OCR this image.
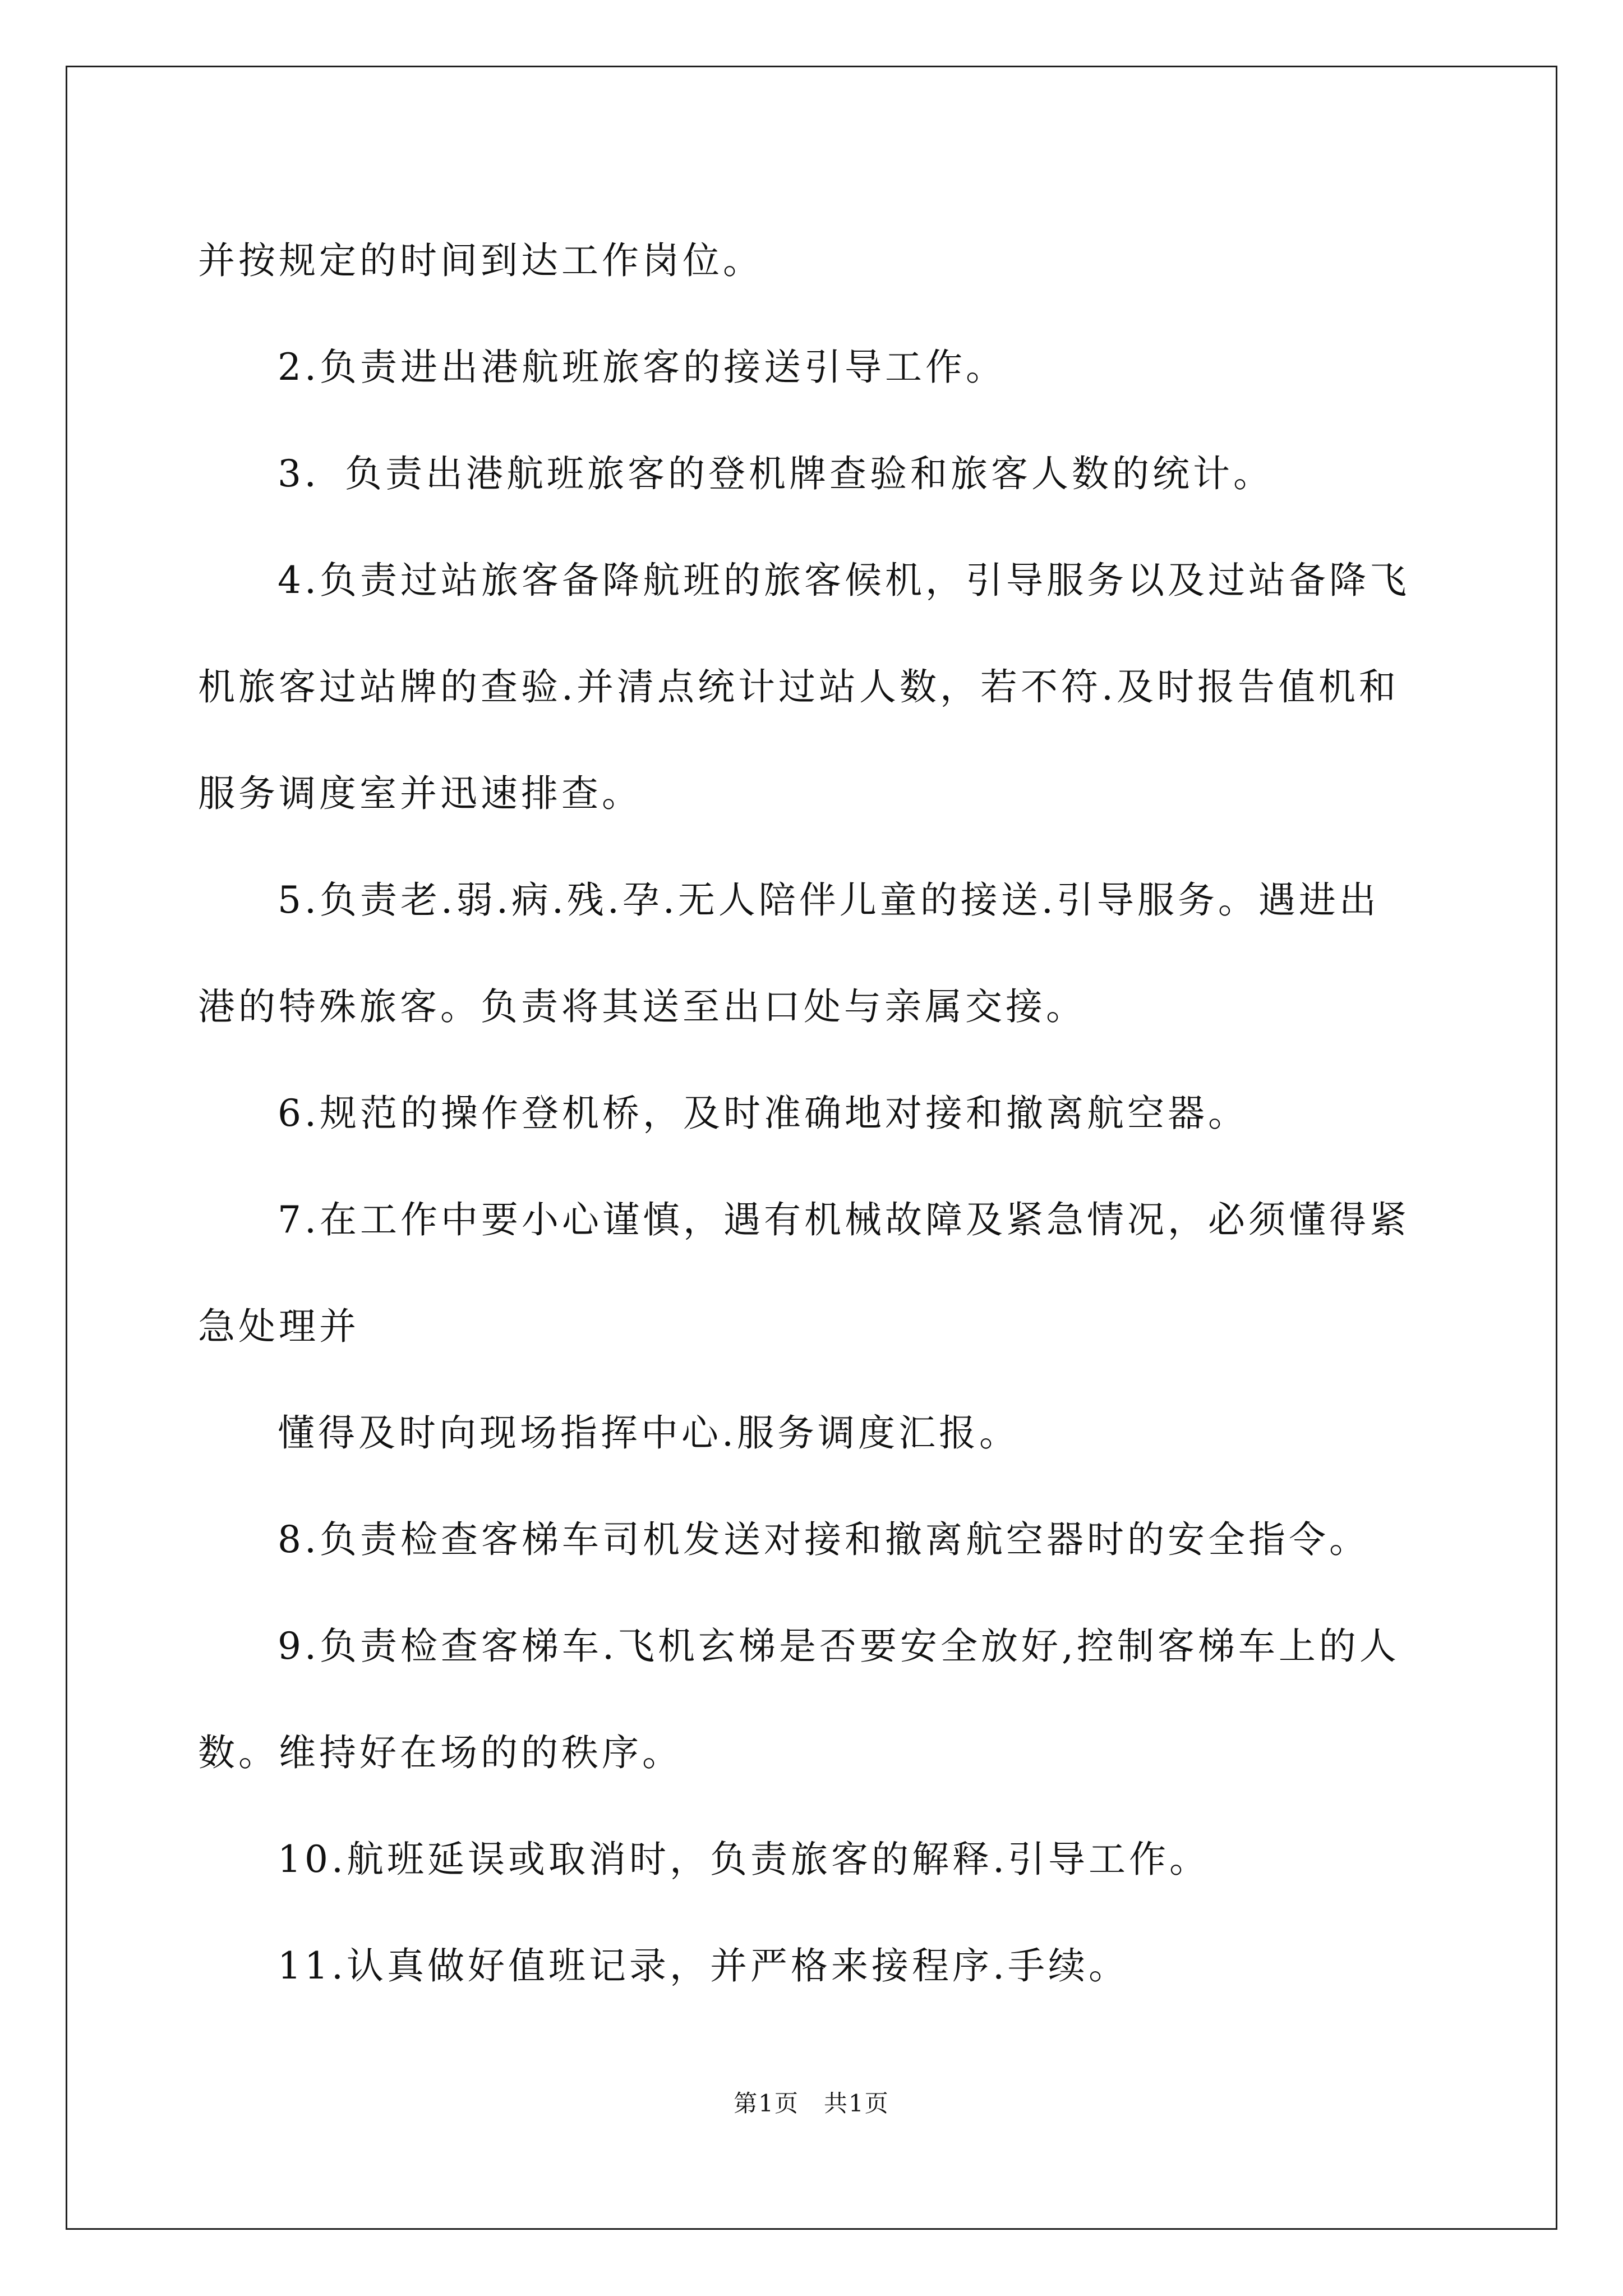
并按规定的时间到达工作岗位。

2.负责进出港航班旅客的接送引导工作。

3．负责出港航班旅客的登机牌查验和旅客人数的统计。

4.负责过站旅客备降航班的旅客候机，引导服务以及过站备降飞

机旅客过站牌的查验.并清点统计过站人数，若不符.及时报告值机和

服务调度室并迅速排查。

5.负责老.弱.病.残.孕.无人陪伴儿童的接送.引导服务。遇进出

港的特殊旅客。负责将其送至出口处与亲属交接。

6.规范的操作登机桥，及时准确地对接和撤离航空器。

7.在工作中要小心谨慎，遇有机械故障及紧急情况，必须懂得紧

急处理并

懂得及时向现场指挥中心.服务调度汇报。

8.负责检查客梯车司机发送对接和撤离航空器时的安全指令。

9.负责检查客梯车.飞机玄梯是否要安全放好,控制客梯车上的人

数。维持好在场的的秩序。

10.航班延误或取消时，负责旅客的解释.引导工作。

11.认真做好值班记录，并严格来接程序.手续。

第1页　共1页
